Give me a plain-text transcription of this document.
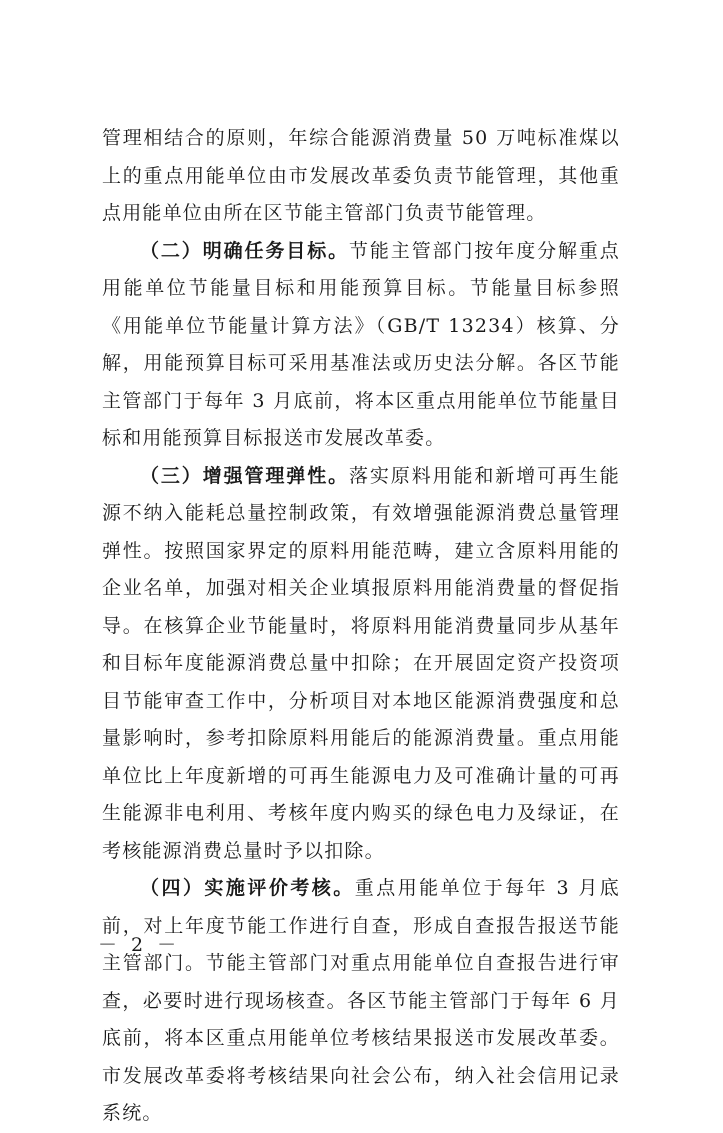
管理相结合的原则，年综合能源消费量 50 万吨标准煤以上的重点用能单位由市发展改革委负责节能管理，其他重点用能单位由所在区节能主管部门负责节能管理。

（二）明确任务目标。节能主管部门按年度分解重点用能单位节能量目标和用能预算目标。节能量目标参照《用能单位节能量计算方法》（GB/T 13234）核算、分解，用能预算目标可采用基准法或历史法分解。各区节能主管部门于每年 3 月底前，将本区重点用能单位节能量目标和用能预算目标报送市发展改革委。

（三）增强管理弹性。落实原料用能和新增可再生能源不纳入能耗总量控制政策，有效增强能源消费总量管理弹性。按照国家界定的原料用能范畴，建立含原料用能的企业名单，加强对相关企业填报原料用能消费量的督促指导。在核算企业节能量时，将原料用能消费量同步从基年和目标年度能源消费总量中扣除；在开展固定资产投资项目节能审查工作中，分析项目对本地区能源消费强度和总量影响时，参考扣除原料用能后的能源消费量。重点用能单位比上年度新增的可再生能源电力及可准确计量的可再生能源非电利用、考核年度内购买的绿色电力及绿证，在考核能源消费总量时予以扣除。

（四）实施评价考核。重点用能单位于每年 3 月底前，对上年度节能工作进行自查，形成自查报告报送节能主管部门。节能主管部门对重点用能单位自查报告进行审查，必要时进行现场核查。各区节能主管部门于每年 6 月底前，将本区重点用能单位考核结果报送市发展改革委。市发展改革委将考核结果向社会公布，纳入社会信用记录系统。

－ 2 －
